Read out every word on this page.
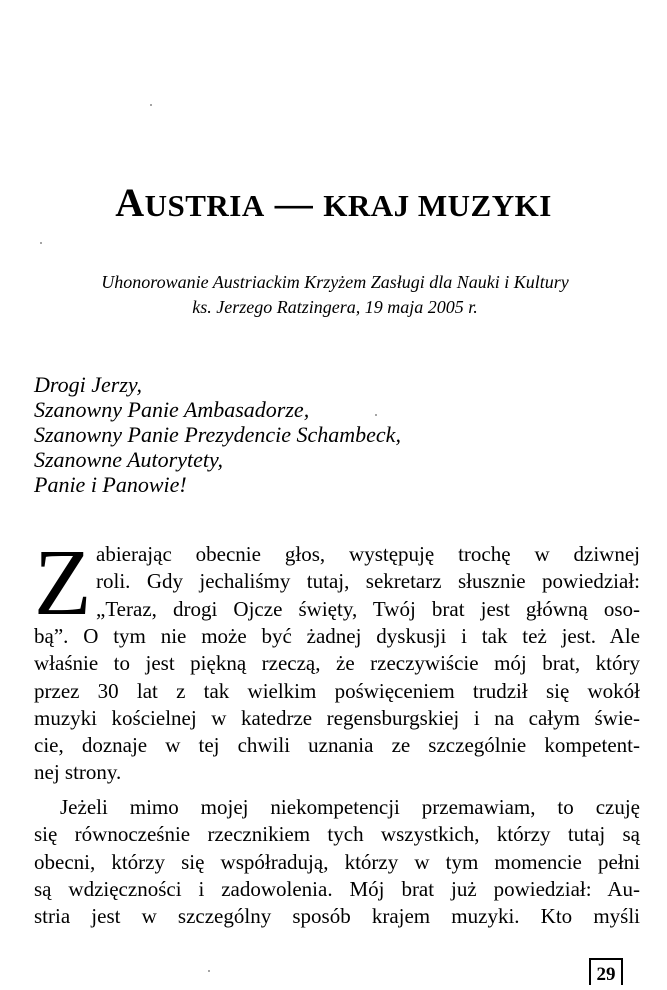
AUSTRIA — KRAJ MUZYKI
Uhonorowanie Austriackim Krzyżem Zasługi dla Nauki i Kultury
ks. Jerzego Ratzingera, 19 maja 2005 r.
Drogi Jerzy,
Szanowny Panie Ambasadorze,
Szanowny Panie Prezydencie Schambeck,
Szanowne Autorytety,
Panie i Panowie!
Z abierając obecnie głos, występuję trochę w dziwnej
roli. Gdy jechaliśmy tutaj, sekretarz słusznie powiedział:
„Teraz, drogi Ojcze święty, Twój brat jest główną oso-
bą”. O tym nie może być żadnej dyskusji i tak też jest. Ale
właśnie to jest piękną rzeczą, że rzeczywiście mój brat, który
przez 30 lat z tak wielkim poświęceniem trudził się wokół
muzyki kościelnej w katedrze regensburgskiej i na całym świe-
cie, doznaje w tej chwili uznania ze szczególnie kompetent-
nej strony.
Jeżeli mimo mojej niekompetencji przemawiam, to czuję
się równocześnie rzecznikiem tych wszystkich, którzy tutaj są
obecni, którzy się współradują, którzy w tym momencie pełni
są wdzięczności i zadowolenia. Mój brat już powiedział: Au-
stria jest w szczególny sposób krajem muzyki. Kto myśli
29
